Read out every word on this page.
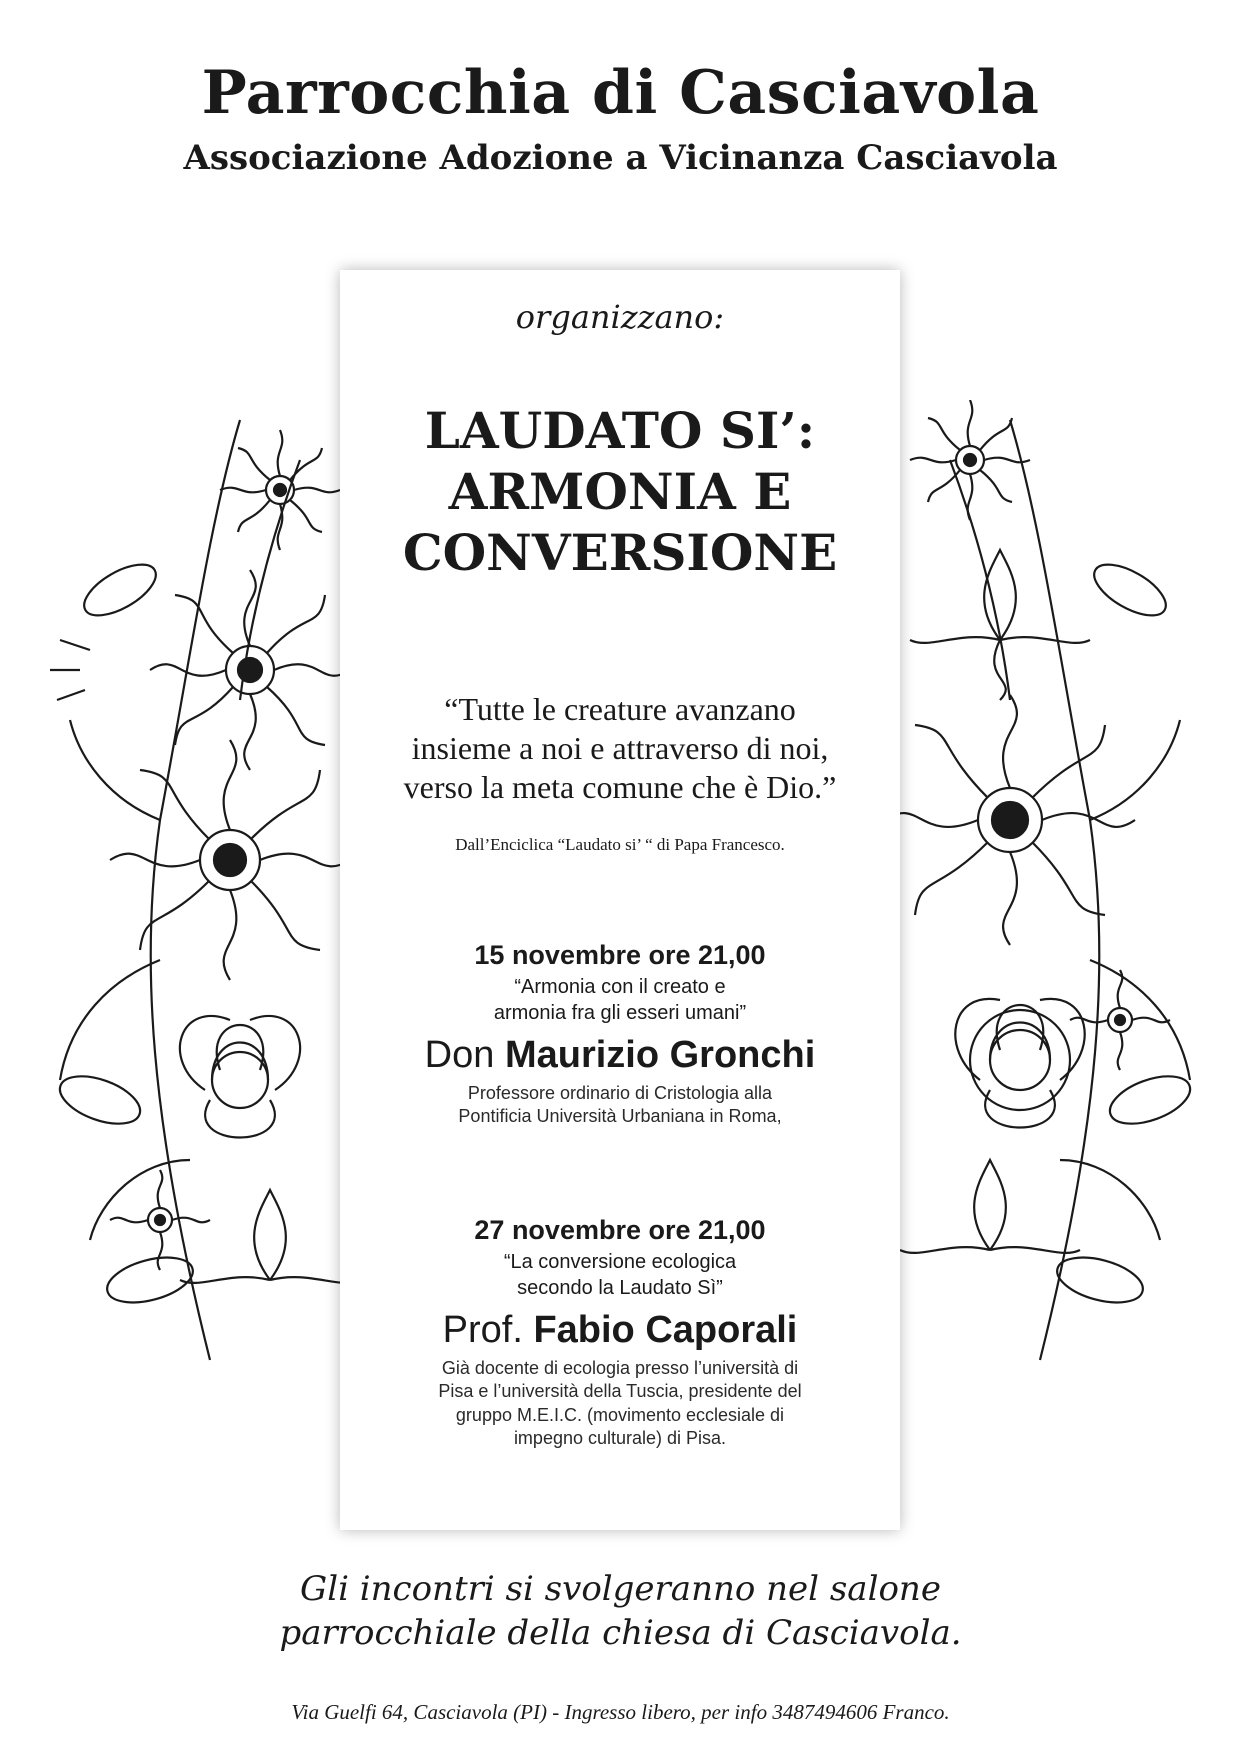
Parrocchia di Casciavola
Associazione Adozione a Vicinanza Casciavola
organizzano:
LAUDATO SI’:
ARMONIA E
CONVERSIONE
“Tutte le creature avanzano
insieme a noi e attraverso di noi,
verso la meta comune che è Dio.”
Dall’Enciclica “Laudato si’ “ di Papa Francesco.
15 novembre ore 21,00
“Armonia con il creato e
armonia fra gli esseri umani”
Don Maurizio Gronchi
Professore ordinario di Cristologia alla
Pontificia Università Urbaniana in Roma,
27 novembre ore 21,00
“La conversione ecologica
secondo la Laudato Sì”
Prof. Fabio Caporali
Già docente di ecologia presso l’università di
Pisa e l’università della Tuscia, presidente del
gruppo M.E.I.C. (movimento ecclesiale di
impegno culturale) di Pisa.
Gli incontri si svolgeranno nel salone
parrocchiale della chiesa di Casciavola.
Via Guelfi 64, Casciavola (PI) - Ingresso libero, per info 3487494606 Franco.
